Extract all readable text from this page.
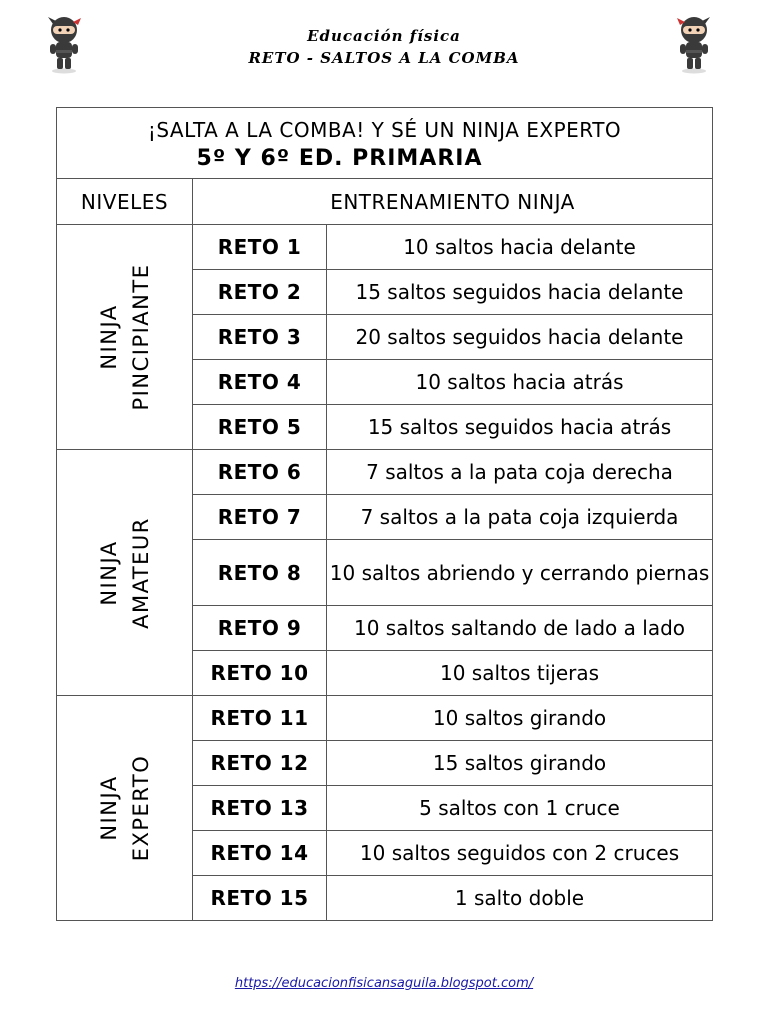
Educación física
RETO - SALTOS A LA COMBA
¡SALTA A LA COMBA! Y SÉ UN NINJA EXPERTO
5º Y 6º ED. PRIMARIA		

NIVELES	ENTRENAMIENTO NINJA	

NINJA PINCIPIANTE	RETO 1	10 saltos hacia delante
	RETO 2	15 saltos seguidos hacia delante
	RETO 3	20 saltos seguidos hacia delante
	RETO 4	10 saltos hacia atrás
	RETO 5	15 saltos seguidos hacia atrás

NINJA AMATEUR	RETO 6	7 saltos a la pata coja derecha
	RETO 7	7 saltos a la pata coja izquierda
	RETO 8	10 saltos abriendo y cerrando piernas
	RETO 9	10 saltos saltando de lado a lado
	RETO 10	10 saltos tijeras

NINJA EXPERTO	RETO 11	10 saltos girando
	RETO 12	15 saltos girando
	RETO 13	5 saltos con 1 cruce
	RETO 14	10 saltos seguidos con 2 cruces
	RETO 15	1 salto doble
https://educacionfisicansaguila.blogspot.com/
